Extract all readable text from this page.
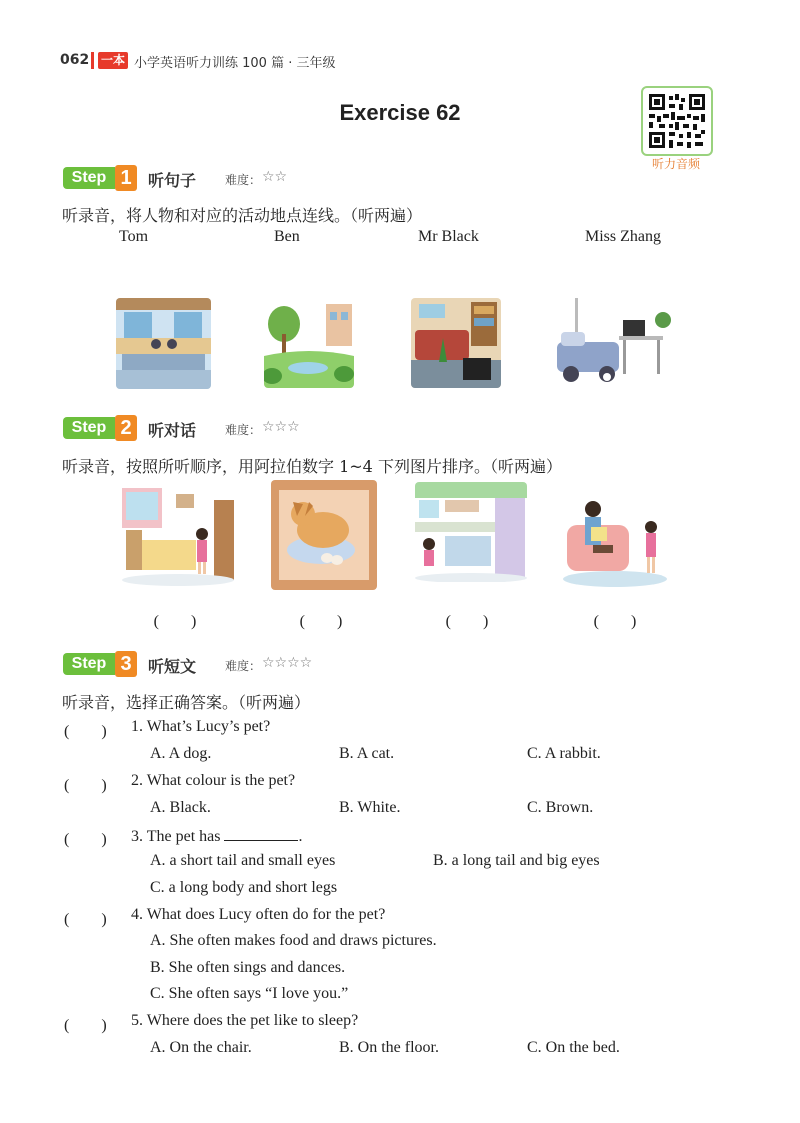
062 一本 小学英语听力训练 100 篇 · 三年级
Exercise 62
听力音频
Step 1	听句子 难度： ☆☆
听录音，将人物和对应的活动地点连线。（听两遍）
Tom	Ben	Mr Black	Miss Zhang
Step 2	听对话 难度： ☆☆☆
听录音，按照所听顺序，用阿拉伯数字 1~4 下列图片排序。（听两遍）
(　　)	(　　)	(　　)	(　　)
Step 3	听短文 难度： ☆☆☆☆
听录音，选择正确答案。（听两遍）
(　　) 1. What’s Lucy’s pet?
A. A dog.	B. A cat.	C. A rabbit.
(　　) 2. What colour is the pet?
A. Black.	B. White.	C. Brown.
(　　) 3. The pet has	.
A. a short tail and small eyes	B. a long tail and big eyes
C. a long body and short legs
(　　) 4. What does Lucy often do for the pet?
A. She often makes food and draws pictures.
B. She often sings and dances.
C. She often says “I love you.”
(　　) 5. Where does the pet like to sleep?
A. On the chair.	B. On the floor.	C. On the bed.
